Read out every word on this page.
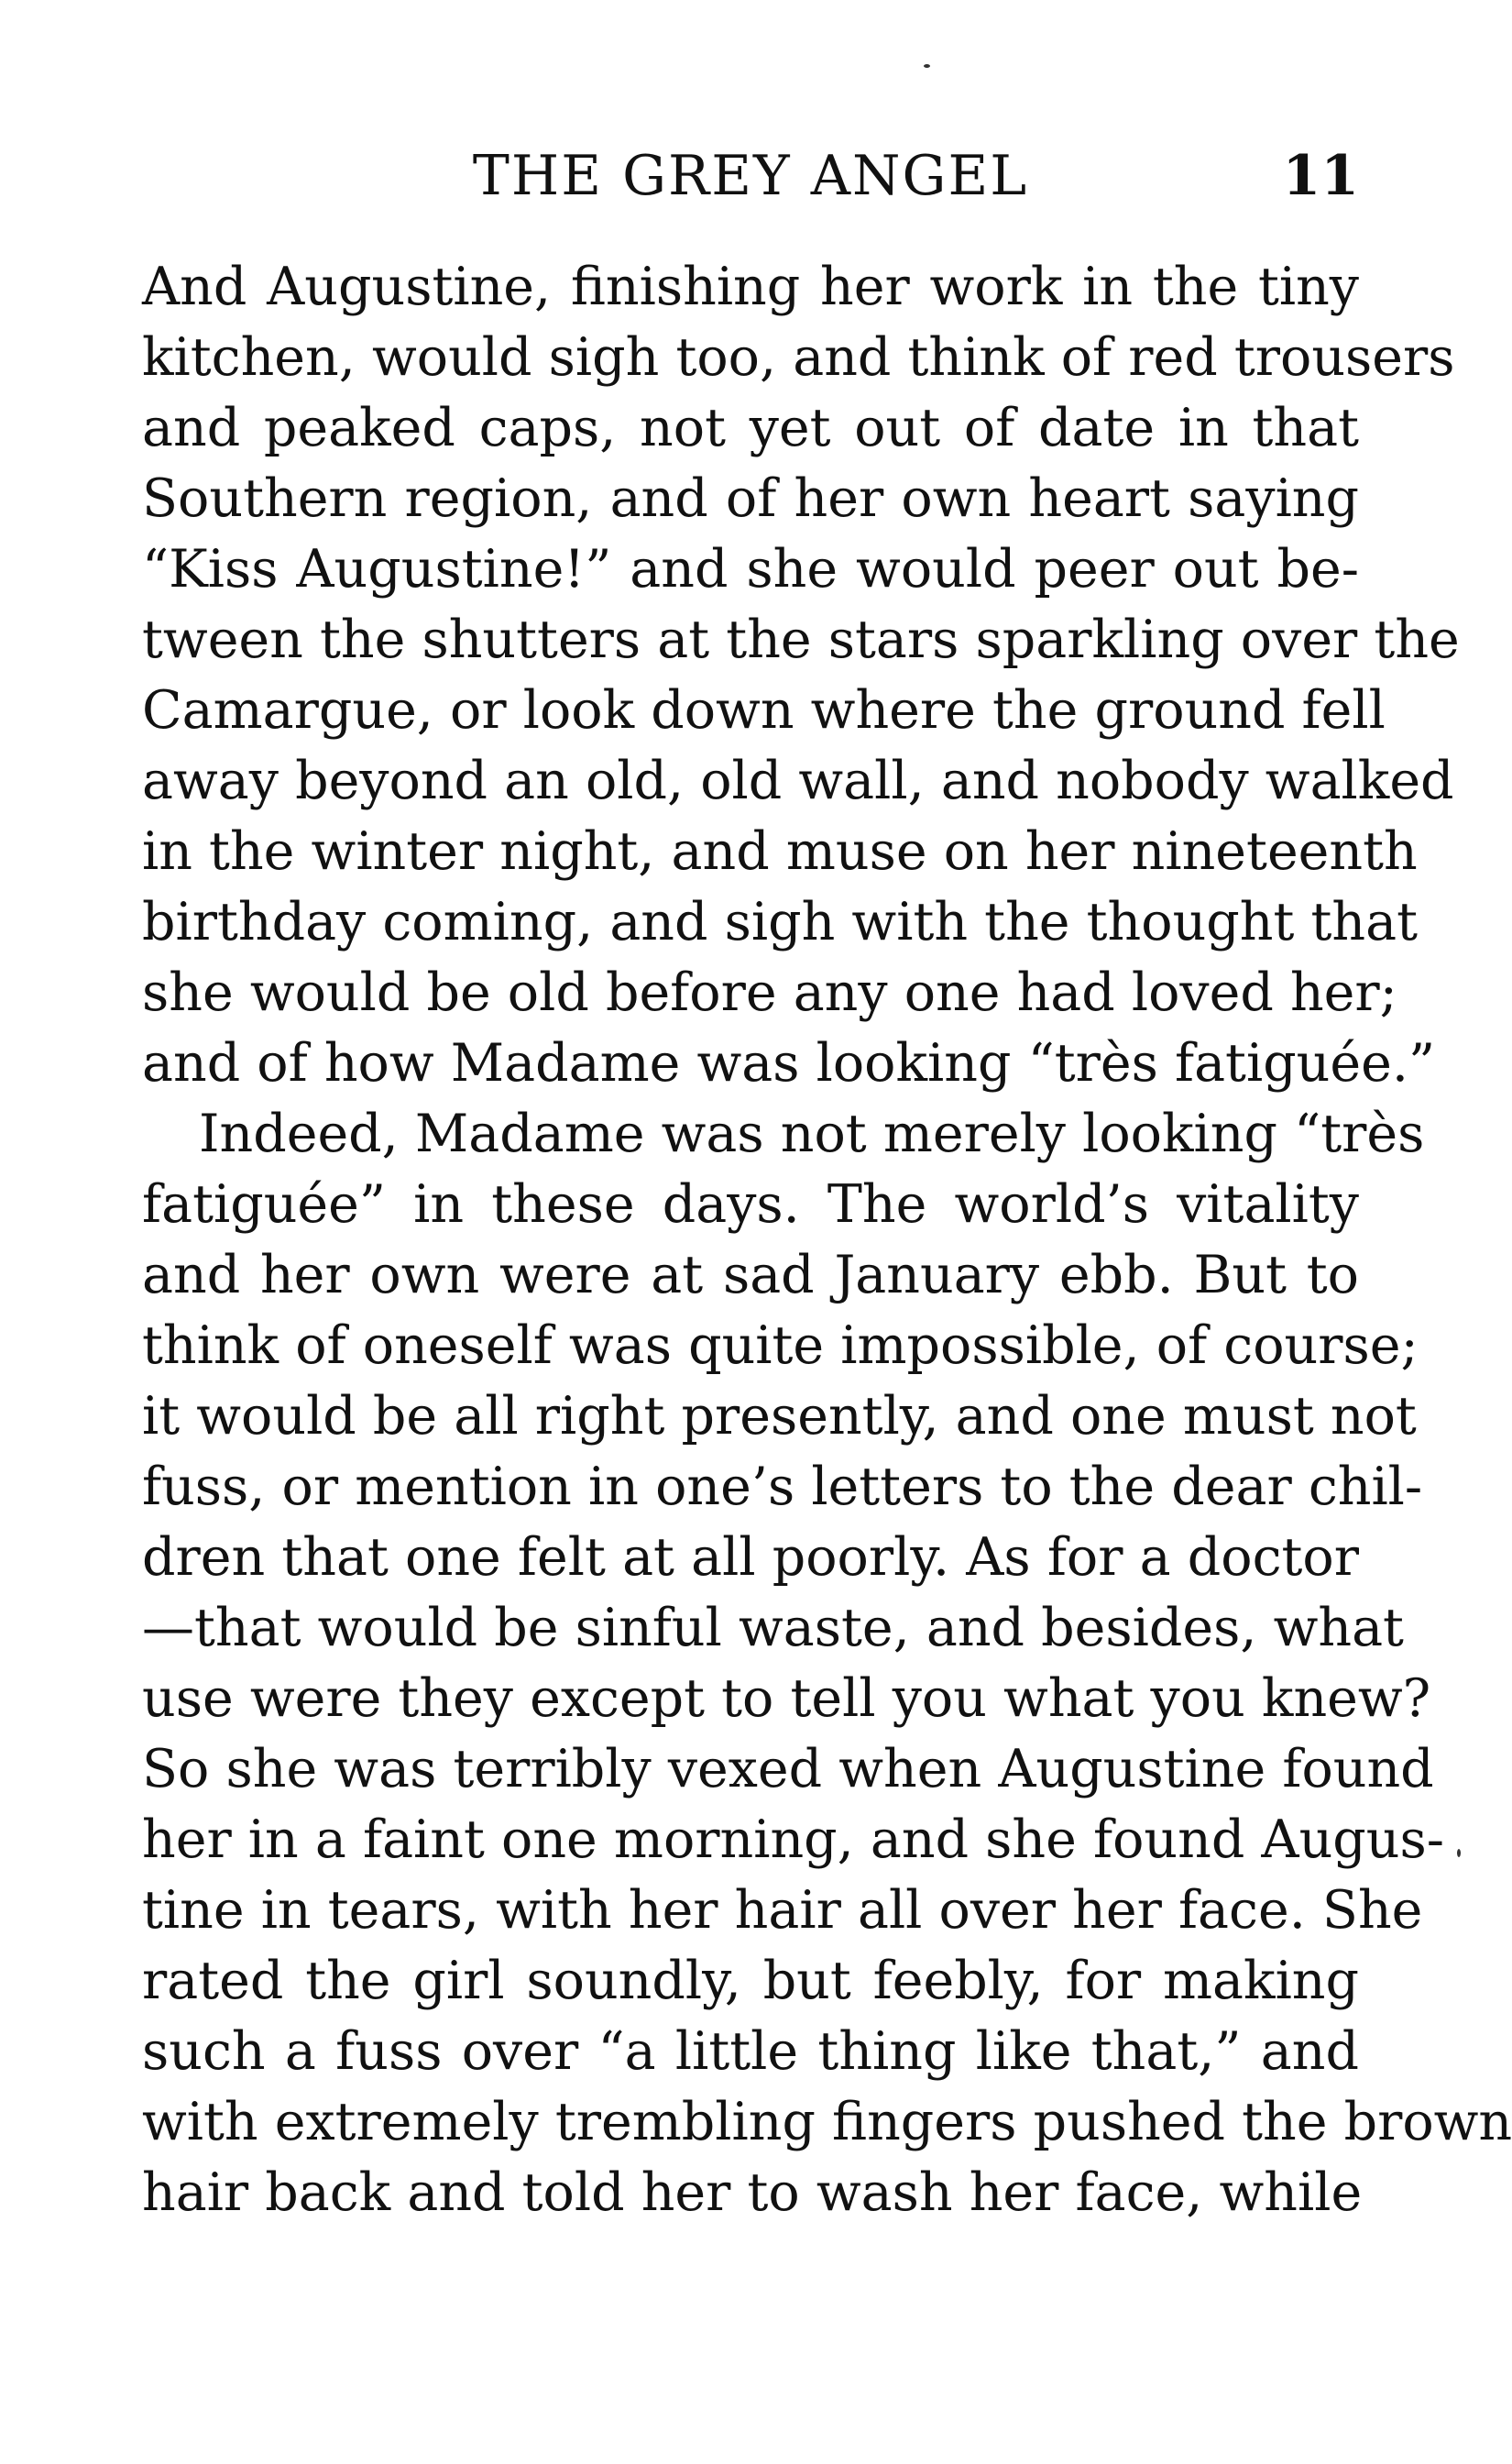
THE GREY ANGEL	11
And Augustine, finishing her work in the tiny
kitchen, would sigh too, and think of red trousers
and peaked caps, not yet out of date in that
Southern region, and of her own heart saying
“Kiss Augustine!” and she would peer out be-
tween the shutters at the stars sparkling over the
Camargue, or look down where the ground fell
away beyond an old, old wall, and nobody walked
in the winter night, and muse on her nineteenth
birthday coming, and sigh with the thought that
she would be old before any one had loved her;
and of how Madame was looking “très fatiguée.”
Indeed, Madame was not merely looking “très
fatiguée” in these days. The world’s vitality
and her own were at sad January ebb. But to
think of oneself was quite impossible, of course;
it would be all right presently, and one must not
fuss, or mention in one’s letters to the dear chil-
dren that one felt at all poorly. As for a doctor
—that would be sinful waste, and besides, what
use were they except to tell you what you knew?
So she was terribly vexed when Augustine found
her in a faint one morning, and she found Augus-
tine in tears, with her hair all over her face. She
rated the girl soundly, but feebly, for making
such a fuss over “a little thing like that,” and
with extremely trembling fingers pushed the brown
hair back and told her to wash her face, while
